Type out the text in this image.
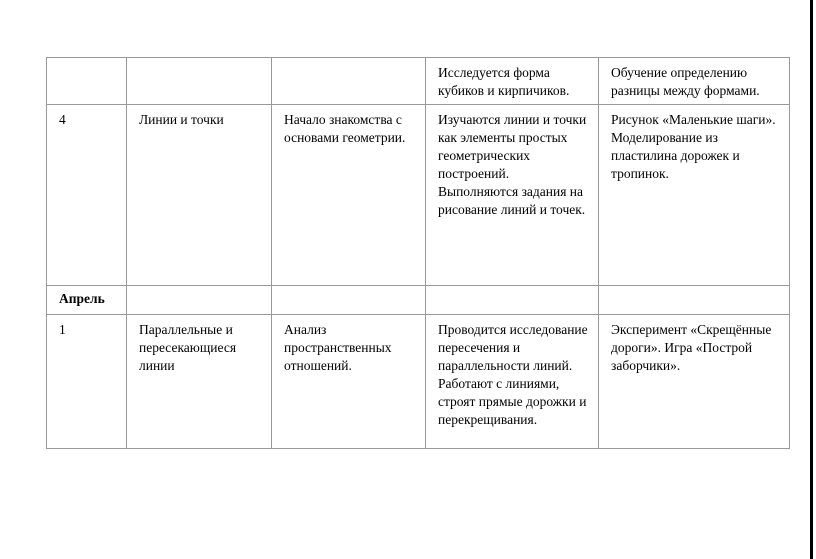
			Исследуется форма кубиков и кирпичиков.	Обучение определению разницы между формами.
4	Линии и точки	Начало знакомства с основами геометрии.	Изучаются линии и точки как элементы простых геометрических построений. Выполняются задания на рисование линий и точек.	Рисунок «Маленькие шаги». Моделирование из пластилина дорожек и тропинок.
Апрель				
1	Параллельные и пересекающиеся линии	Анализ пространственных отношений.	Проводится исследование пересечения и параллельности линий. Работают с линиями, строят прямые дорожки и перекрещивания.	Эксперимент «Скрещённые дороги». Игра «Построй заборчики».
